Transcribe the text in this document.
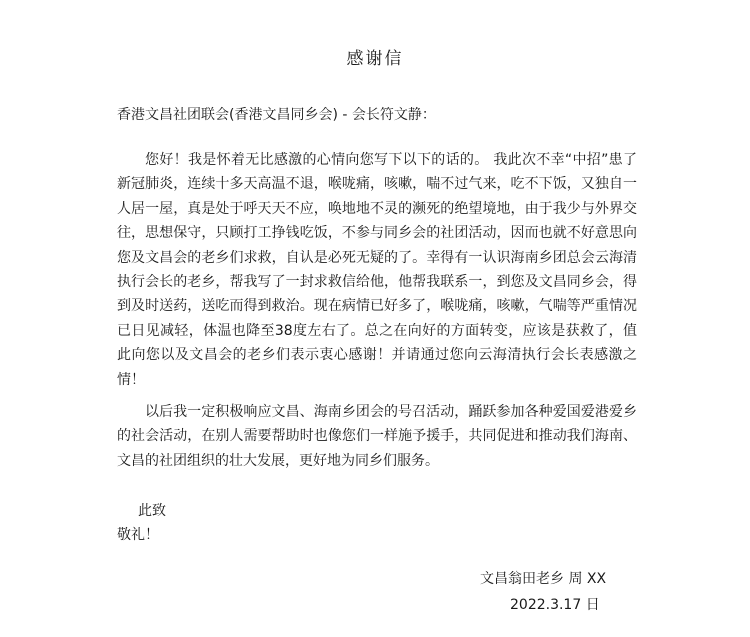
感谢信
香港文昌社团联会(香港文昌同乡会) - 会长符文静：

您好！我是怀着无比感激的心情向您写下以下的话的。 我此次不幸“中招”患了新冠肺炎，连续十多天高温不退，喉咙痛，咳嗽，喘不过气来，吃不下饭，又独自一人居一屋，真是处于呼天天不应，唤地地不灵的濒死的绝望境地，由于我少与外界交往，思想保守，只顾打工挣钱吃饭，不参与同乡会的社团活动，因而也就不好意思向您及文昌会的老乡们求救，自认是必死无疑的了。幸得有一认识海南乡团总会云海清执行会长的老乡，帮我写了一封求救信给他，他帮我联系一，到您及文昌同乡会，得到及时送药，送吃而得到救治。现在病情已好多了，喉咙痛，咳嗽，气喘等严重情况已日见减轻，体温也降至38度左右了。总之在向好的方面转变，应该是获救了，值此向您以及文昌会的老乡们表示衷心感谢！并请通过您向云海清执行会长表感激之情！

以后我一定积极响应文昌、海南乡团会的号召活动，踊跃参加各种爱国爱港爱乡的社会活动，在别人需要帮助时也像您们一样施予援手，共同促进和推动我们海南、文昌的社团组织的壮大发展，更好地为同乡们服务。

此致
敬礼！
文昌翁田老乡 周 XX
2022.3.17 日
